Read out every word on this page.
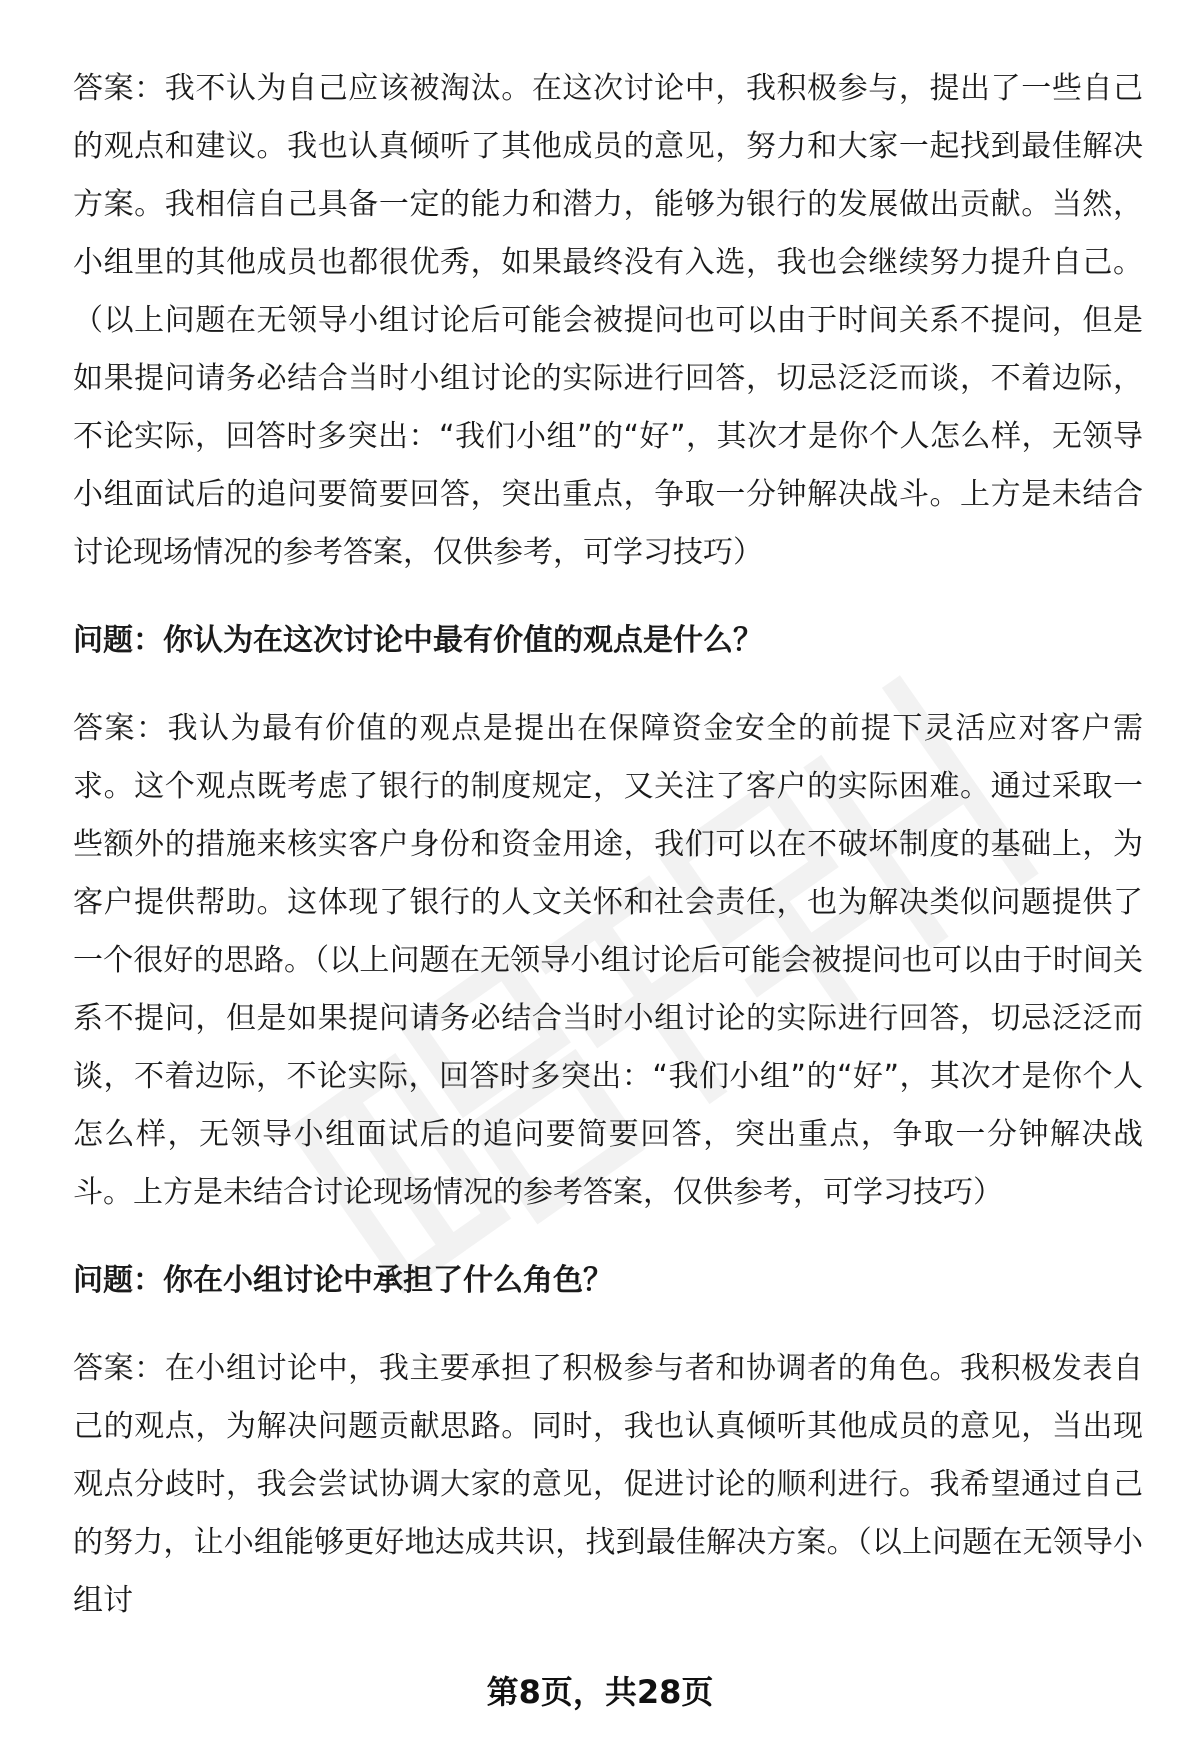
答案：我不认为自己应该被淘汰。在这次讨论中，我积极参与，提出了一些自己的观点和建议。我也认真倾听了其他成员的意见，努力和大家一起找到最佳解决方案。我相信自己具备一定的能力和潜力，能够为银行的发展做出贡献。当然，小组里的其他成员也都很优秀，如果最终没有入选，我也会继续努力提升自己。（以上问题在无领导小组讨论后可能会被提问也可以由于时间关系不提问，但是如果提问请务必结合当时小组讨论的实际进行回答，切忌泛泛而谈，不着边际，不论实际，回答时多突出：“我们小组”的“好”，其次才是你个人怎么样，无领导小组面试后的追问要简要回答，突出重点，争取一分钟解决战斗。上方是未结合讨论现场情况的参考答案，仅供参考，可学习技巧）

问题：你认为在这次讨论中最有价值的观点是什么？

答案：我认为最有价值的观点是提出在保障资金安全的前提下灵活应对客户需求。这个观点既考虑了银行的制度规定，又关注了客户的实际困难。通过采取一些额外的措施来核实客户身份和资金用途，我们可以在不破坏制度的基础上，为客户提供帮助。这体现了银行的人文关怀和社会责任，也为解决类似问题提供了一个很好的思路。（以上问题在无领导小组讨论后可能会被提问也可以由于时间关系不提问，但是如果提问请务必结合当时小组讨论的实际进行回答，切忌泛泛而谈，不着边际，不论实际，回答时多突出：“我们小组”的“好”，其次才是你个人怎么样，无领导小组面试后的追问要简要回答，突出重点，争取一分钟解决战斗。上方是未结合讨论现场情况的参考答案，仅供参考，可学习技巧）

问题：你在小组讨论中承担了什么角色？

答案：在小组讨论中，我主要承担了积极参与者和协调者的角色。我积极发表自己的观点，为解决问题贡献思路。同时，我也认真倾听其他成员的意见，当出现观点分歧时，我会尝试协调大家的意见，促进讨论的顺利进行。我希望通过自己的努力，让小组能够更好地达成共识，找到最佳解决方案。（以上问题在无领导小组讨

第8页，共28页
